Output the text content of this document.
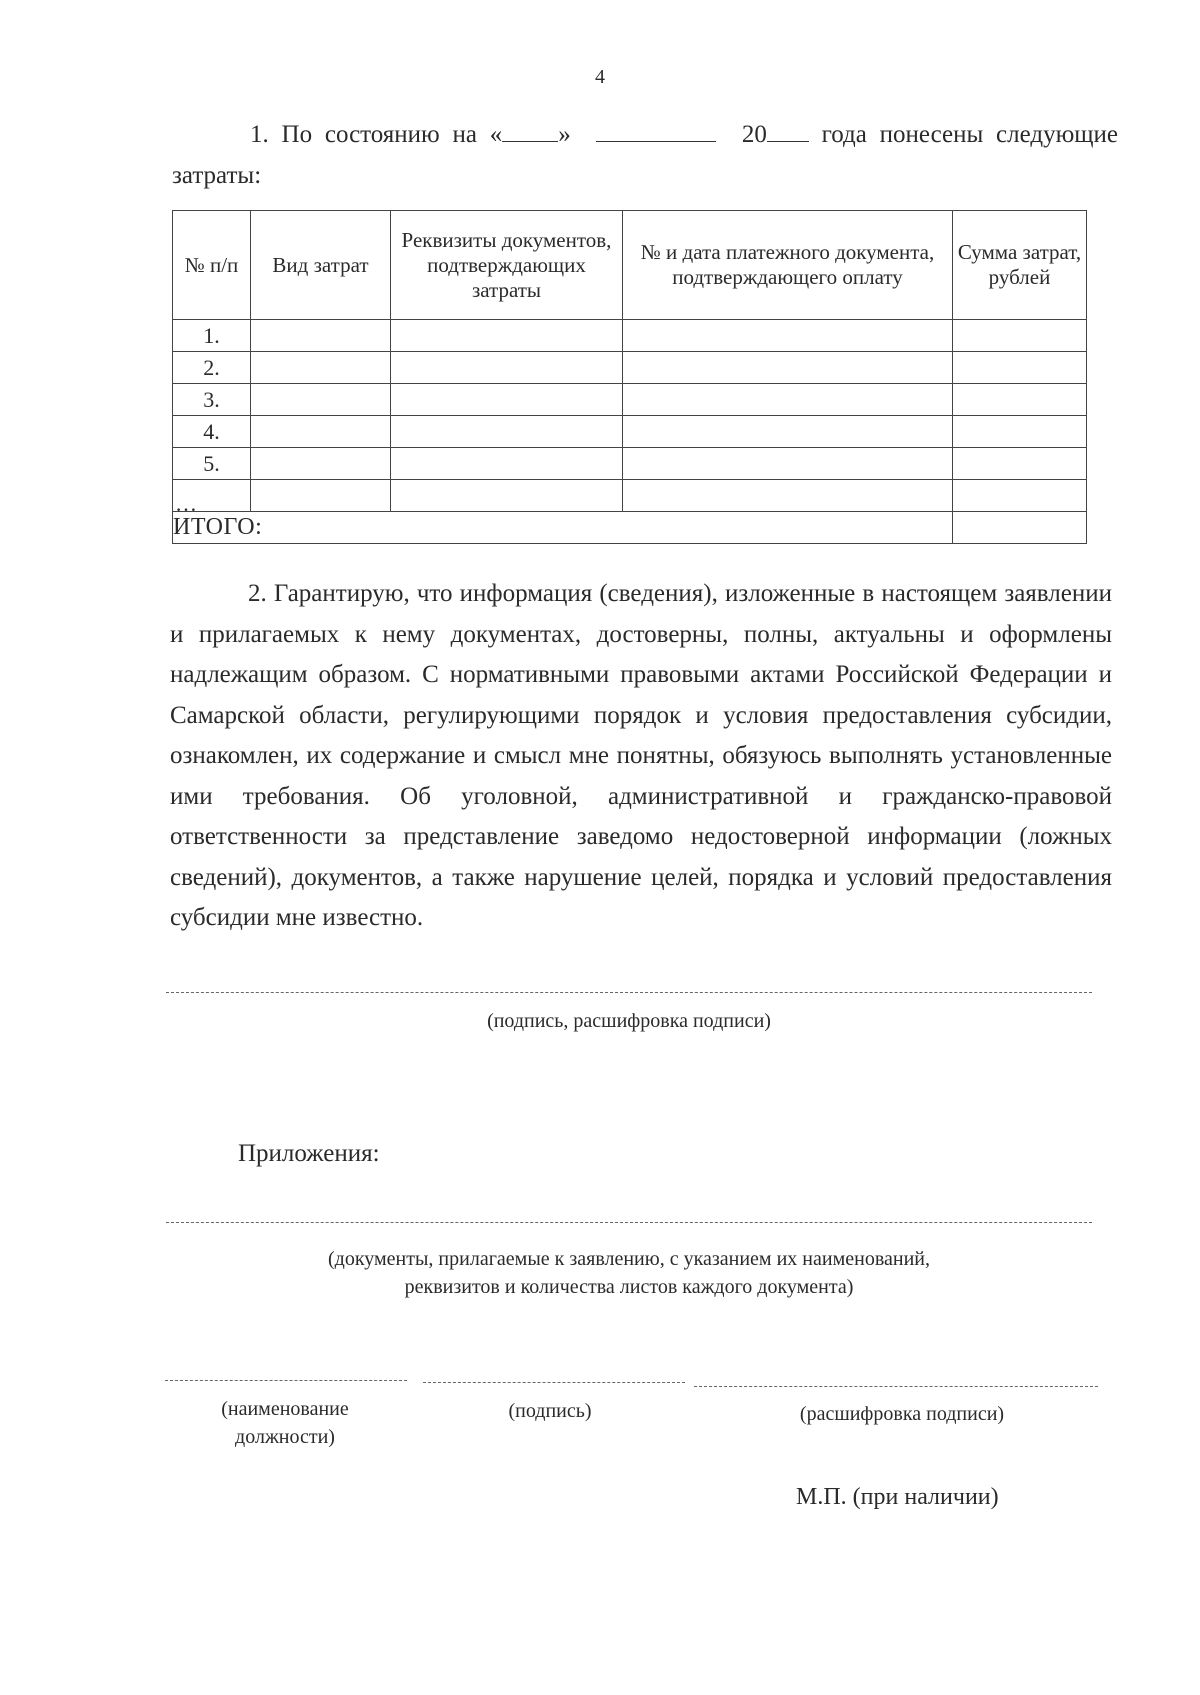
4
1. По состоянию на « »	20 года понесены следующие затраты:
№ п/п	Вид затрат	Реквизиты документов, подтверждающих затраты	№ и дата платежного документа, подтверждающего оплату	Сумма затрат, рублей
1.				
2.				
3.				
4.				
5.				
…				
ИТОГО:				
2. Гарантирую, что информация (сведения), изложенные в настоящем заявлении и прилагаемых к нему документах, достоверны, полны, актуальны и оформлены надлежащим образом. С нормативными правовыми актами Российской Федерации и Самарской области, регулирующими порядок и условия предоставления субсидии, ознакомлен, их содержание и смысл мне понятны, обязуюсь выполнять установленные ими требования. Об уголовной, административной и гражданско-правовой ответственности за представление заведомо недостоверной информации (ложных сведений), документов, а также нарушение целей, порядка и условий предоставления субсидии мне известно.
(подпись, расшифровка подписи)
Приложения:
(документы, прилагаемые к заявлению, с указанием их наименований,
реквизитов и количества листов каждого документа)
(наименование должности)
(подпись)	(расшифровка подписи)
М.П. (при наличии)
